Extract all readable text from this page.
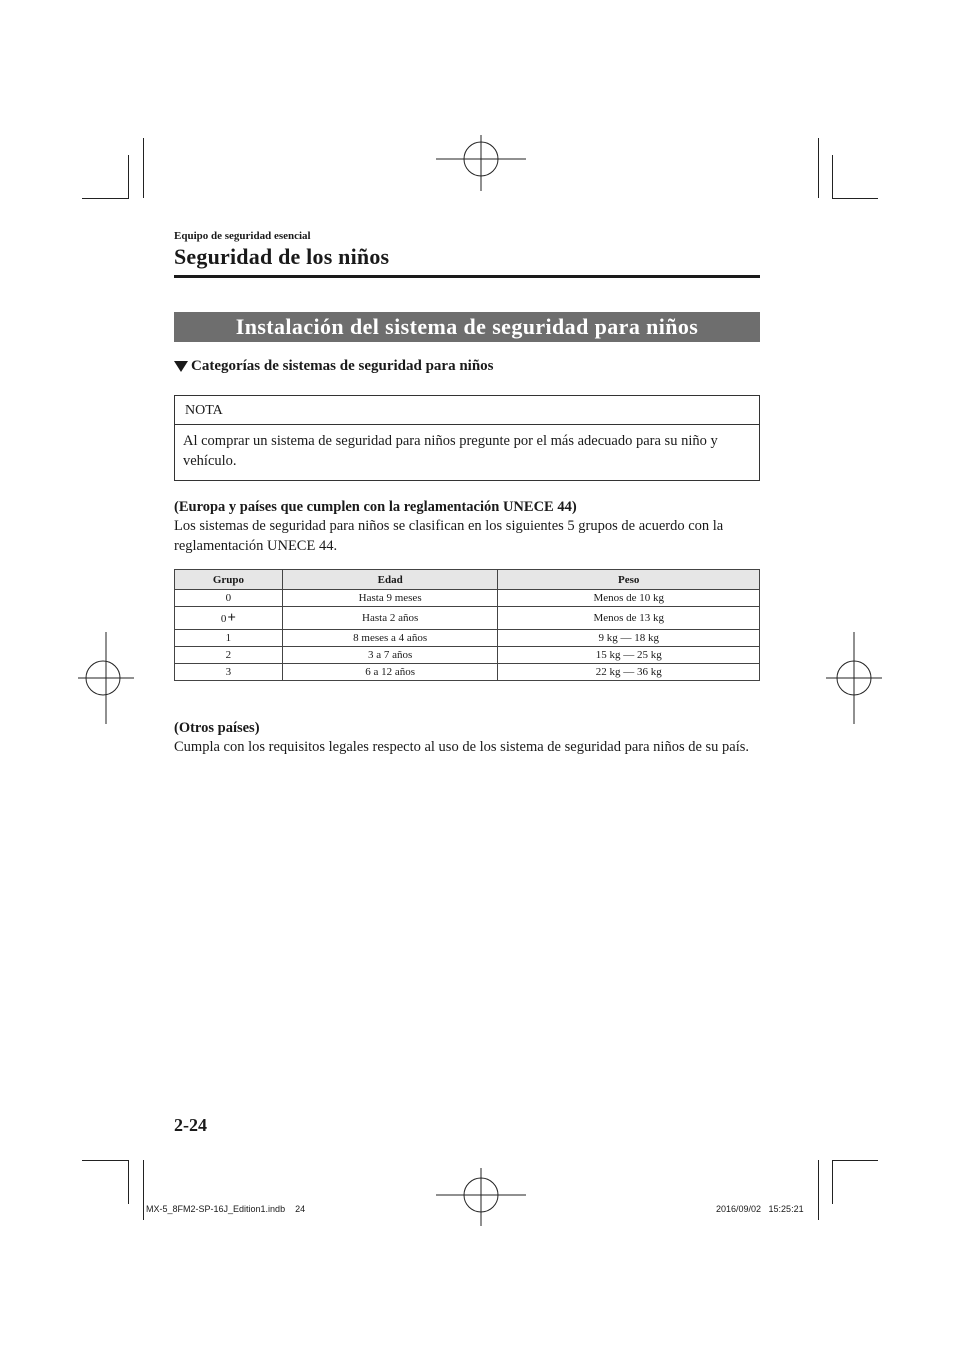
Equipo de seguridad esencial
Seguridad de los niños
Instalación del sistema de seguridad para niños
Categorías de sistemas de seguridad para niños
NOTA
Al comprar un sistema de seguridad para niños pregunte por el más adecuado para su niño y vehículo.
(Europa y países que cumplen con la reglamentación UNECE 44)
Los sistemas de seguridad para niños se clasifican en los siguientes 5 grupos de acuerdo con la reglamentación UNECE 44.
Grupo	Edad	Peso
0	Hasta 9 meses	Menos de 10 kg
0+	Hasta 2 años	Menos de 13 kg
1	8 meses a 4 años	9 kg — 18 kg
2	3 a 7 años	15 kg — 25 kg
3	6 a 12 años	22 kg — 36 kg
(Otros países)
Cumpla con los requisitos legales respecto al uso de los sistema de seguridad para niños de su país.
2-24
MX-5_8FM2-SP-16J_Edition1.indb    24	2016/09/02   15:25:21
